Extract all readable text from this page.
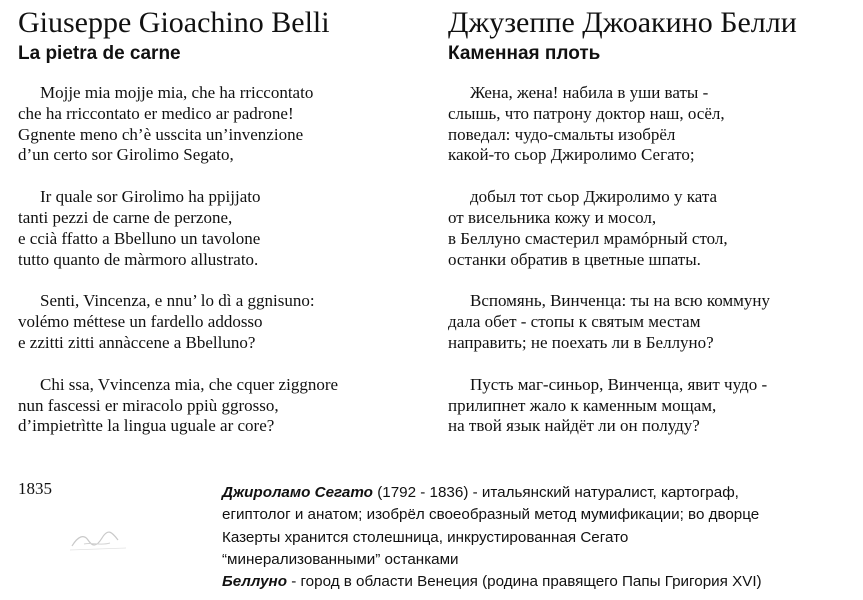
Giuseppe Gioachino Belli
La pietra de carne
Mojje mia mojje mia, che ha rriccontato
che ha rriccontato er medico ar padrone!
Ggnente meno ch’è usscita un’invenzione
d’un certo sor Girolimo Segato,
Ir quale sor Girolimo ha ppijjato
tanti pezzi de carne de perzone,
e ccià ffatto a Bbelluno un tavolone
tutto quanto de màrmoro allustrato.
Senti, Vincenza, e nnu’ lo dì a ggnisuno:
volémo méttese un fardello addosso
e zzitti zitti annàccene a Bbelluno?
Chi ssa, Vvincenza mia, che cquer ziggnore
nun fascessi er miracolo ppiù ggrosso,
d’impietrìtte la lingua uguale ar core?
Джузеппе Джоакино Белли
Каменная плоть
Жена, жена! набила в уши ваты -
слышь, что патрону доктор наш, осёл,
поведал: чудо-смальты изобрёл
какой-то сьор Джиролимо Сегато;
добыл тот сьор Джиролимо у ката
от висельника кожу и мосол,
в Беллуно смастерил мрамóрный стол,
останки обратив в цветные шпаты.
Вспомянь, Винченца: ты на всю коммуну
дала обет - стопы к святым местам
направить; не поехать ли в Беллуно?
Пусть маг-синьор, Винченца, явит чудо -
прилипнет жало к каменным мощам,
на твой язык найдёт ли он полуду?
1835	Джироламо Сегато (1792 - 1836) - итальянский натуралист, картограф,
египтолог и анатом; изобрёл своеобразный метод мумификации; во дворце
Казерты хранится столешница, инкрустированная Сегато
“минерализованными” останками
Беллуно - город в области Венеция (родина правящего Папы Григория XVI)
